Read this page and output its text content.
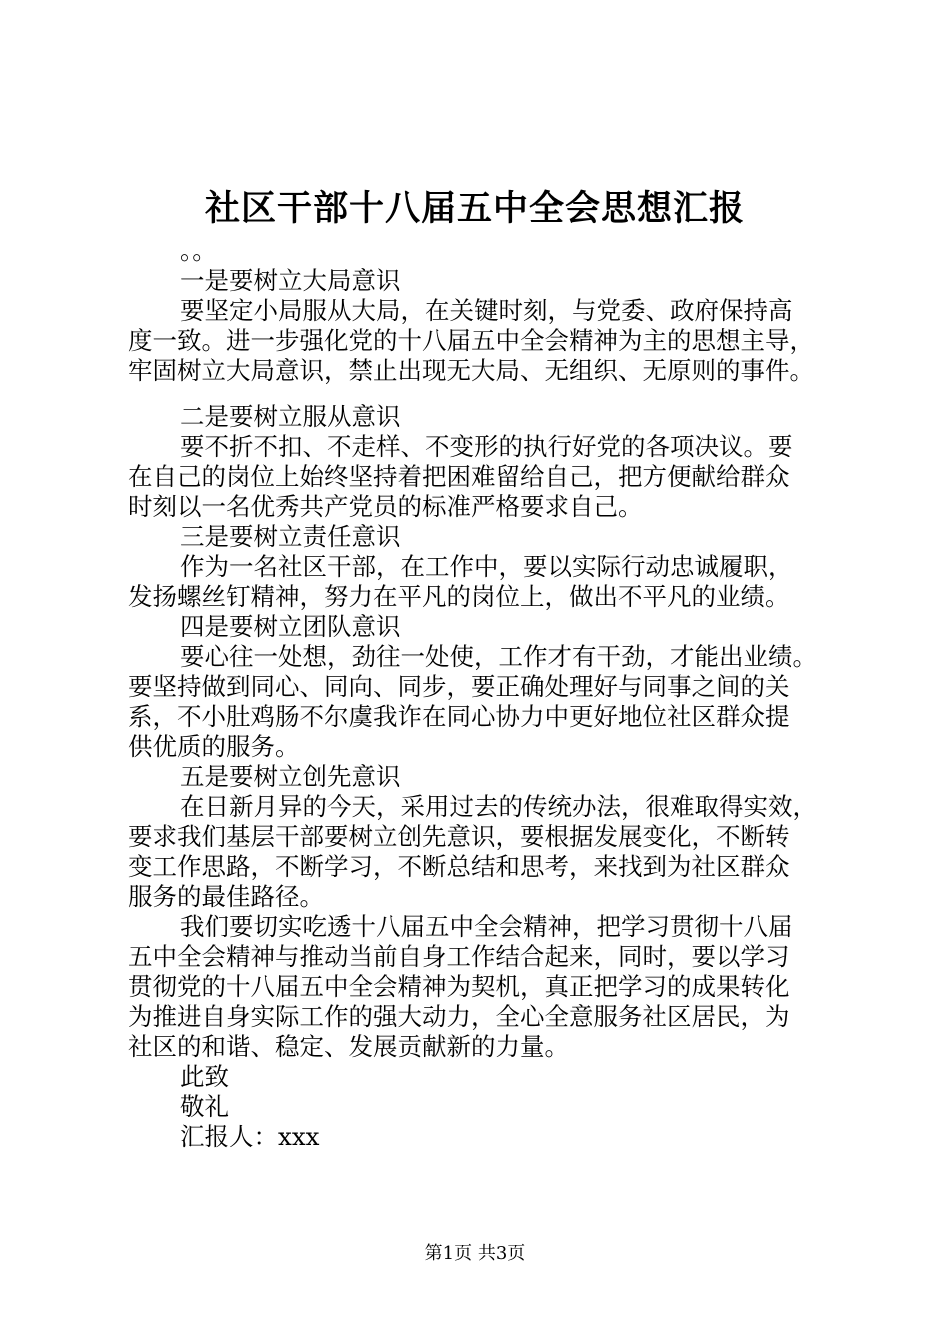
社区干部十八届五中全会思想汇报

。。

一是要树立大局意识

要坚定小局服从大局，在关键时刻，与党委、政府保持高

度一致。进一步强化党的十八届五中全会精神为主的思想主导，

牢固树立大局意识，禁止出现无大局、无组织、无原则的事件。

二是要树立服从意识

要不折不扣、不走样、不变形的执行好党的各项决议。要

在自己的岗位上始终坚持着把困难留给自己，把方便献给群众

时刻以一名优秀共产党员的标准严格要求自己。

三是要树立责任意识

作为一名社区干部，在工作中，要以实际行动忠诚履职，

发扬螺丝钉精神，努力在平凡的岗位上，做出不平凡的业绩。

四是要树立团队意识

要心往一处想，劲往一处使，工作才有干劲，才能出业绩。

要坚持做到同心、同向、同步，要正确处理好与同事之间的关

系，不小肚鸡肠不尔虞我诈在同心协力中更好地位社区群众提

供优质的服务。

五是要树立创先意识

在日新月异的今天，采用过去的传统办法，很难取得实效，

要求我们基层干部要树立创先意识，要根据发展变化，不断转

变工作思路，不断学习，不断总结和思考，来找到为社区群众

服务的最佳路径。

我们要切实吃透十八届五中全会精神，把学习贯彻十八届

五中全会精神与推动当前自身工作结合起来，同时，要以学习

贯彻党的十八届五中全会精神为契机，真正把学习的成果转化

为推进自身实际工作的强大动力，全心全意服务社区居民，为

社区的和谐、稳定、发展贡献新的力量。

此致

敬礼

汇报人：xxx

第1页 共3页
